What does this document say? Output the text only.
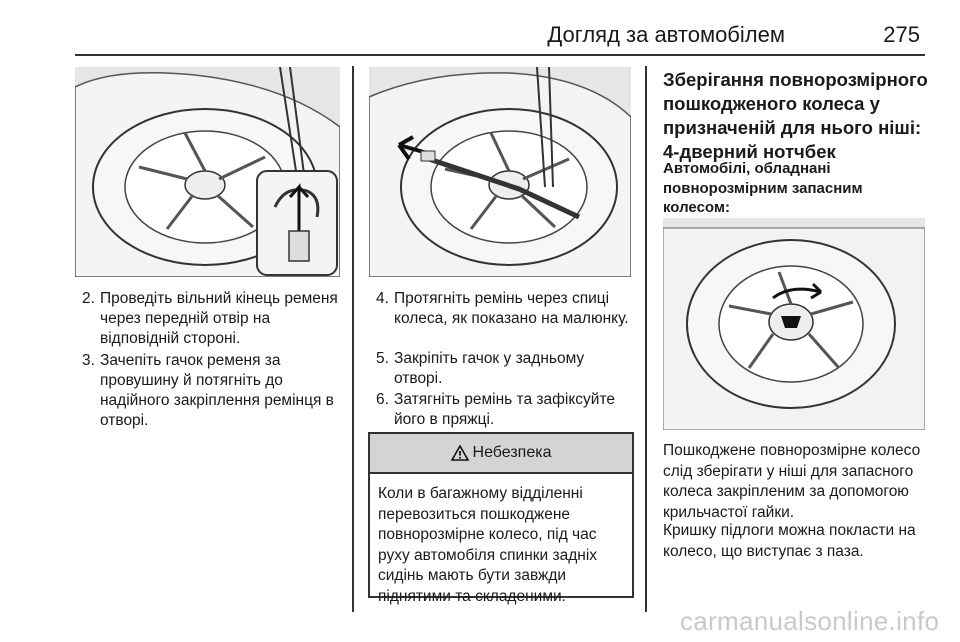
Догляд за автомобілем	275
2. Проведіть вільний кінець ременя через передній отвір на відповідній стороні.
3. Зачепіть гачок ременя за провушину й потягніть до надійного закріплення ремінця в отворі.
4. Протягніть ремінь через спиці колеса, як показано на малюнку.
5. Закріпіть гачок у задньому отворі.
6. Затягніть ремінь та зафіксуйте його в пряжці.
Небезпека
Коли в багажному відділенні перевозиться пошкоджене повнорозмірне колесо, під час руху автомобіля спинки задніх сидінь мають бути завжди піднятими та складеними.
Зберігання повнорозмірного пошкодженого колеса у призначеній для нього ніші: 4-дверний нотчбек
Автомобілі, обладнані повнорозмірним запасним колесом:
Пошкоджене повнорозмірне колесо слід зберігати у ніші для запасного колеса закріпленим за допомогою крильчастої гайки.
Кришку підлоги можна покласти на колесо, що виступає з паза.
carmanualsonline.info
